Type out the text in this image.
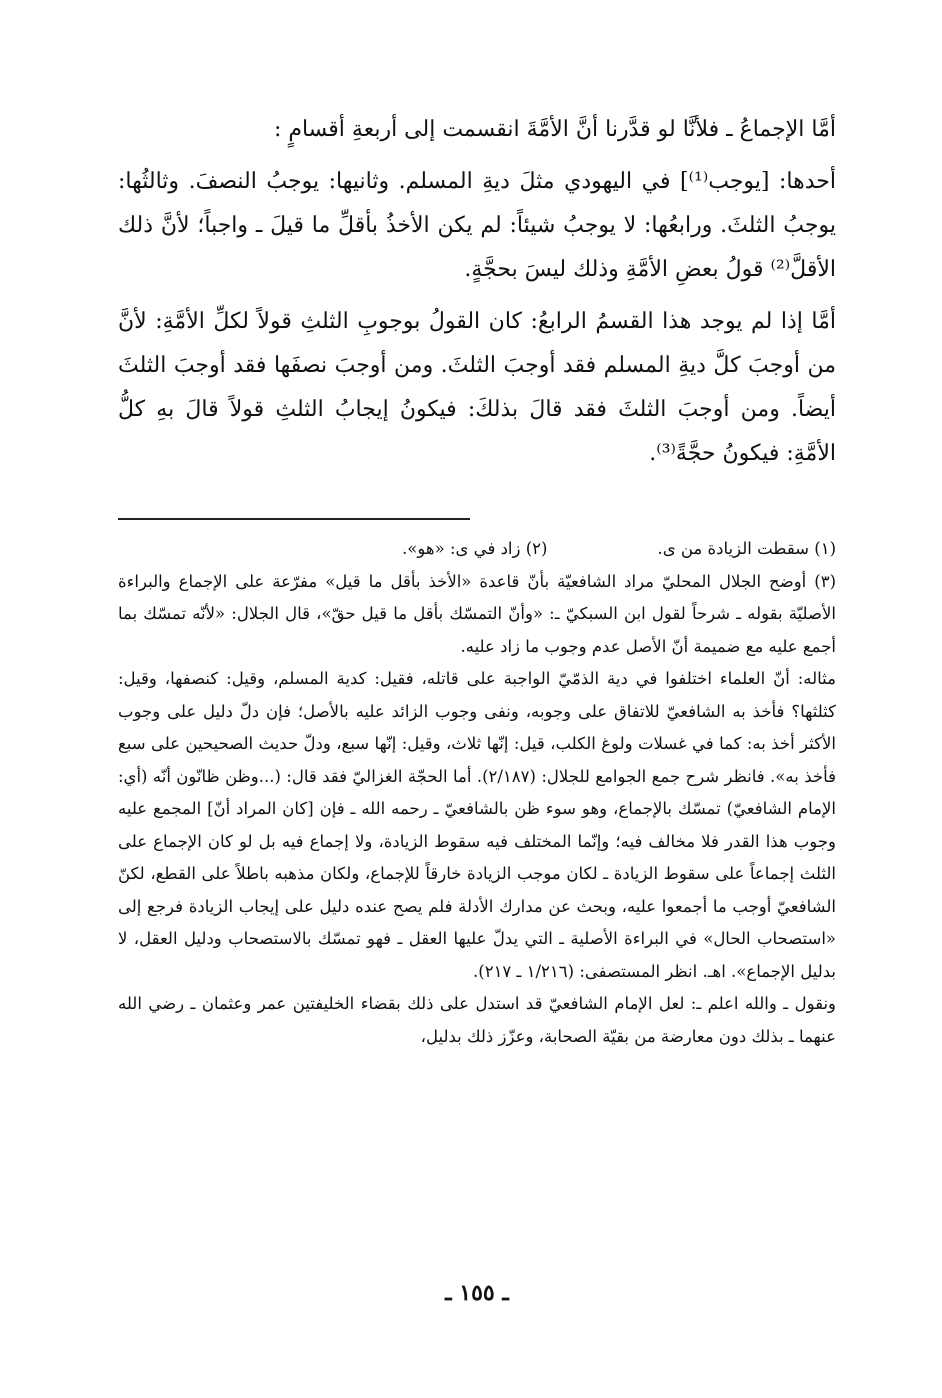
أمَّا الإجماعُ ـ فلأنَّا لو قدَّرنا أنَّ الأمَّةَ انقسمت إلى أربعةِ أقسامٍ :

أحدها: [يوجب⁽¹⁾] في اليهودي مثلَ ديةِ المسلم. وثانيها: يوجبُ النصفَ. وثالثُها: يوجبُ الثلثَ. ورابعُها: لا يوجبُ شيئاً: لم يكن الأخذُ بأقلِّ ما قيلَ ـ واجباً؛ لأنَّ ذلك الأقلَّ⁽²⁾ قولُ بعضِ الأمَّةِ وذلك ليسَ بحجَّةٍ.

أمَّا إذا لم يوجد هذا القسمُ الرابعُ: كان القولُ بوجوبِ الثلثِ قولاً لكلِّ الأمَّةِ: لأنَّ من أوجبَ كلَّ ديةِ المسلم فقد أوجبَ الثلثَ. ومن أوجبَ نصفَها فقد أوجبَ الثلثَ أيضاً. ومن أوجبَ الثلثَ فقد قالَ بذلكَ: فيكونُ إيجابُ الثلثِ قولاً قالَ بهِ كلُّ الأمَّةِ: فيكونُ حجَّةً⁽³⁾.

(١) سقطت الزيادة من ى.
(٢) زاد في ى: «هو».

(٣) أوضح الجلال المحليّ مراد الشافعيّة بأنّ قاعدة «الأخذ بأقل ما قيل» مفرّعة على الإجماع والبراءة الأصليّة بقوله ـ شرحاً لقول ابن السبكيّ ـ: «وأنّ التمسّك بأقل ما قيل حقّ»، قال الجلال: «لأنّه تمسّك بما أجمع عليه مع ضميمة أنّ الأصل عدم وجوب ما زاد عليه.

مثاله: أنّ العلماء اختلفوا في دية الذمّيّ الواجبة على قاتله، فقيل: كدية المسلم، وقيل: كنصفها، وقيل: كثلثها؟ فأخذ به الشافعيّ للاتفاق على وجوبه، ونفى وجوب الزائد عليه بالأصل؛ فإن دلّ دليل على وجوب الأكثر أخذ به: كما في غسلات ولوغ الكلب، قيل: إنّها ثلاث، وقيل: إنّها سبع، ودلّ حديث الصحيحين على سبع فأخذ به». فانظر شرح جمع الجوامع للجلال: (٢/١٨٧). أما الحجّة الغزاليّ فقد قال: (...وظن ظانّون أنّه (أي: الإمام الشافعيّ) تمسّك بالإجماع، وهو سوء ظن بالشافعيّ ـ رحمه الله ـ فإن [كان المراد أنّ] المجمع عليه وجوب هذا القدر فلا مخالف فيه؛ وإنّما المختلف فيه سقوط الزيادة، ولا إجماع فيه بل لو كان الإجماع على الثلث إجماعاً على سقوط الزيادة ـ لكان موجب الزيادة خارقاً للإجماع، ولكان مذهبه باطلاً على القطع، لكنّ الشافعيّ أوجب ما أجمعوا عليه، وبحث عن مدارك الأدلة فلم يصح عنده دليل على إيجاب الزيادة فرجع إلى «استصحاب الحال» في البراءة الأصلية ـ التي يدلّ عليها العقل ـ فهو تمسّك بالاستصحاب ودليل العقل، لا بدليل الإجماع». اهـ. انظر المستصفى: (١/٢١٦ ـ ٢١٧).

ونقول ـ والله اعلم ـ: لعل الإمام الشافعيّ قد استدل على ذلك بقضاء الخليفتين عمر وعثمان ـ رضي الله عنهما ـ بذلك دون معارضة من بقيّة الصحابة، وعزّز ذلك بدليل،

ـ ١٥٥ ـ
